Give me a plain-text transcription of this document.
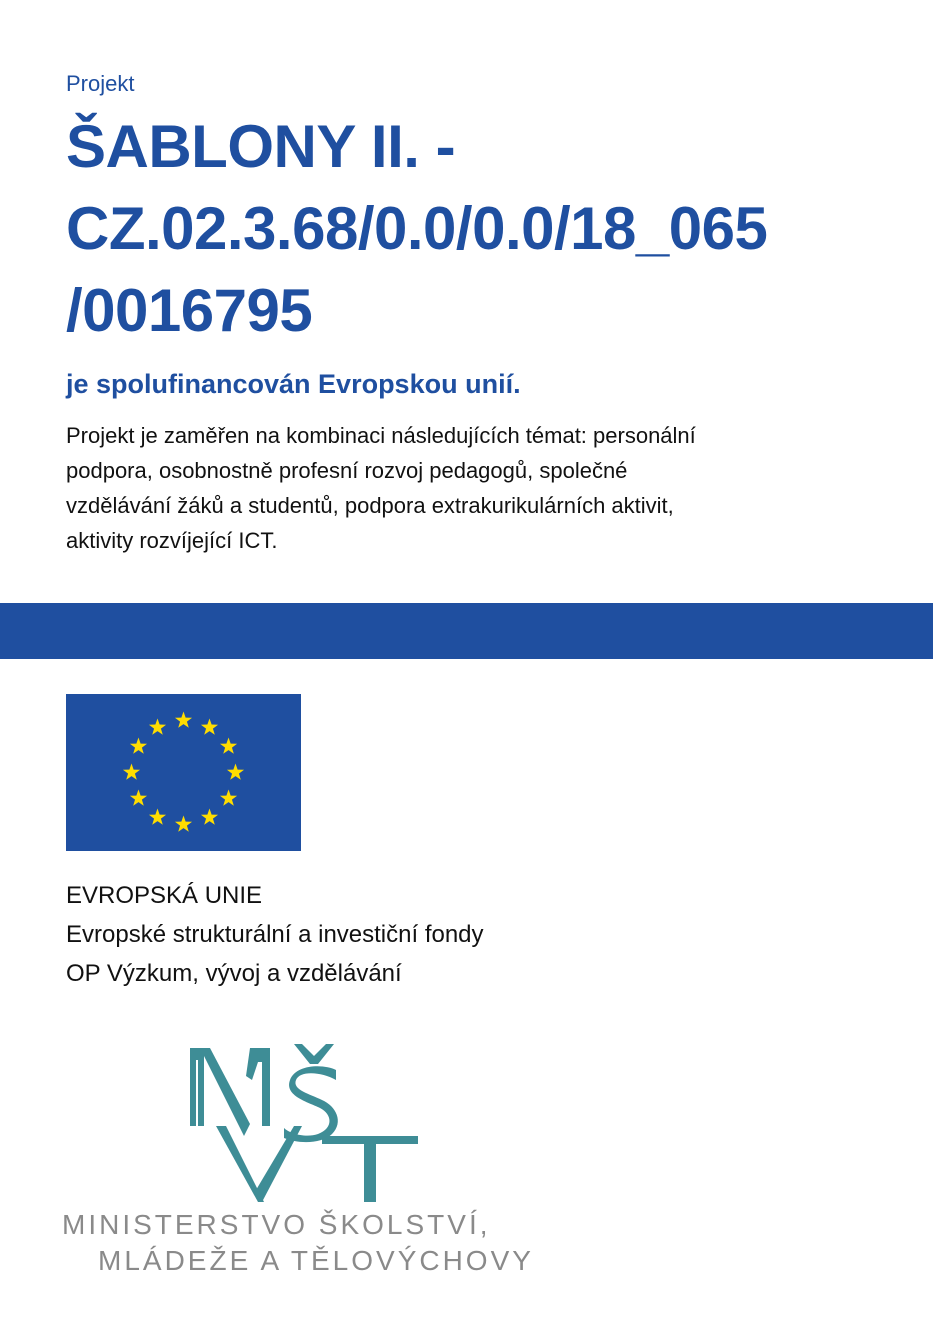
Projekt

ŠABLONY II. -
CZ.02.3.68/0.0/0.0/18_065
/0016795

je spolufinancován Evropskou unií.

Projekt je zaměřen na kombinaci následujících témat: personální
podpora, osobnostně profesní rozvoj pedagogů, společné
vzdělávání žáků a studentů, podpora extrakurikulárních aktivit,
aktivity rozvíjející ICT.

EVROPSKÁ UNIE
Evropské strukturální a investiční fondy
OP Výzkum, vývoj a vzdělávání
MINISTERSTVO ŠKOLSTVÍ,
MLÁDEŽE A TĚLOVÝCHOVY
